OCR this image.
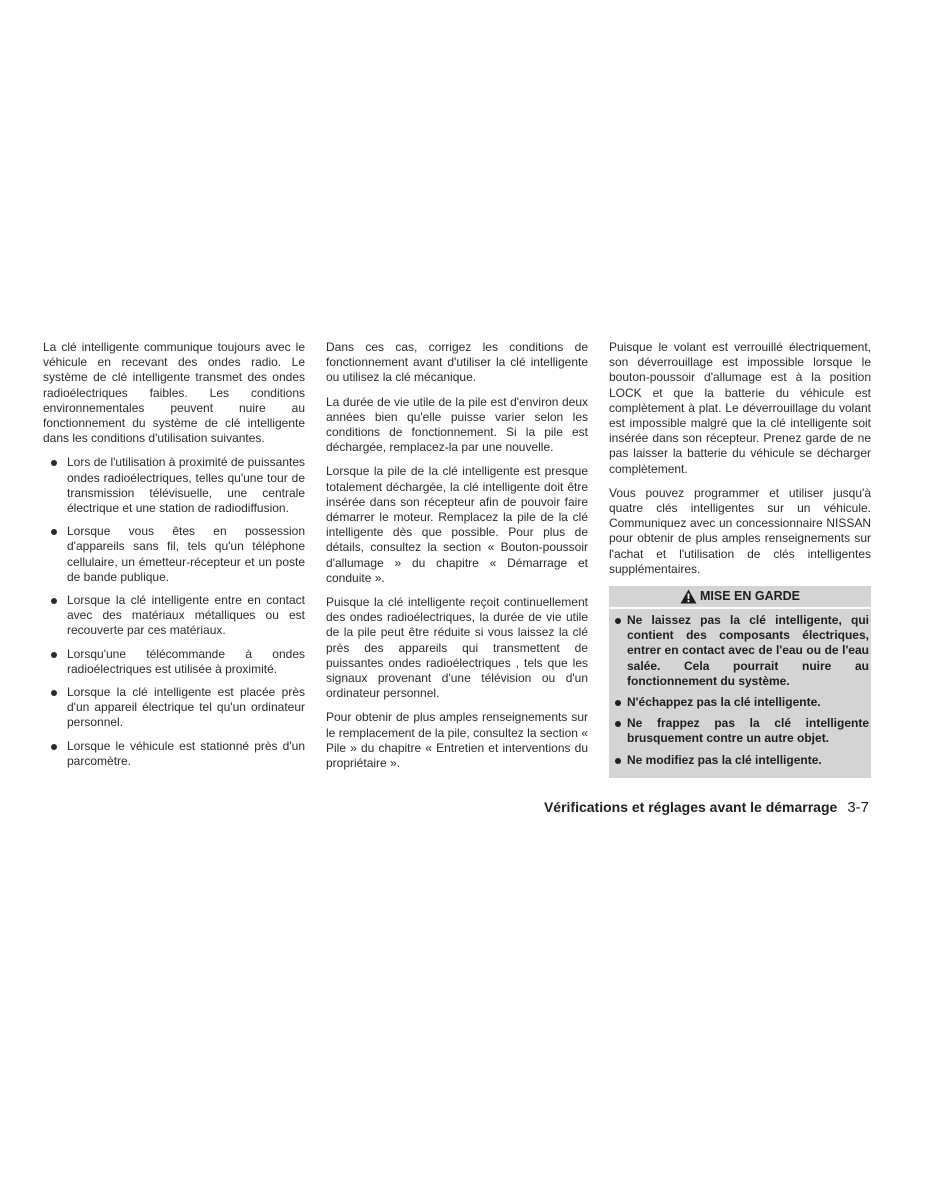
La clé intelligente communique toujours avec le véhicule en recevant des ondes radio. Le système de clé intelligente transmet des ondes radioélectriques faibles. Les conditions environnementales peuvent nuire au fonctionnement du système de clé intelligente dans les conditions d'utilisation suivantes.

Lors de l'utilisation à proximité de puissantes ondes radioélectriques, telles qu'une tour de transmission télévisuelle, une centrale électrique et une station de radiodiffusion.
Lorsque vous êtes en possession d'appareils sans fil, tels qu'un téléphone cellulaire, un émetteur-récepteur et un poste de bande publique.
Lorsque la clé intelligente entre en contact avec des matériaux métalliques ou est recouverte par ces matériaux.
Lorsqu'une télécommande à ondes radioélectriques est utilisée à proximité.
Lorsque la clé intelligente est placée près d'un appareil électrique tel qu'un ordinateur personnel.
Lorsque le véhicule est stationné près d'un parcomètre.

Dans ces cas, corrigez les conditions de fonctionnement avant d'utiliser la clé intelligente ou utilisez la clé mécanique.

La durée de vie utile de la pile est d'environ deux années bien qu'elle puisse varier selon les conditions de fonctionnement. Si la pile est déchargée, remplacez-la par une nouvelle.

Lorsque la pile de la clé intelligente est presque totalement déchargée, la clé intelligente doit être insérée dans son récepteur afin de pouvoir faire démarrer le moteur. Remplacez la pile de la clé intelligente dès que possible. Pour plus de détails, consultez la section « Bouton-poussoir d'allumage » du chapitre « Démarrage et conduite ».

Puisque la clé intelligente reçoit continuellement des ondes radioélectriques, la durée de vie utile de la pile peut être réduite si vous laissez la clé près des appareils qui transmettent de puissantes ondes radioélectriques , tels que les signaux provenant d'une télévision ou d'un ordinateur personnel.

Pour obtenir de plus amples renseignements sur le remplacement de la pile, consultez la section « Pile » du chapitre « Entretien et interventions du propriétaire ».

Puisque le volant est verrouillé électriquement, son déverrouillage est impossible lorsque le bouton-poussoir d'allumage est à la position LOCK et que la batterie du véhicule est complètement à plat. Le déverrouillage du volant est impossible malgré que la clé intelligente soit insérée dans son récepteur. Prenez garde de ne pas laisser la batterie du véhicule se décharger complètement.

Vous pouvez programmer et utiliser jusqu'à quatre clés intelligentes sur un véhicule. Communiquez avec un concessionnaire NISSAN pour obtenir de plus amples renseignements sur l'achat et l'utilisation de clés intelligentes supplémentaires.

MISE EN GARDE
Ne laissez pas la clé intelligente, qui contient des composants électriques, entrer en contact avec de l'eau ou de l'eau salée. Cela pourrait nuire au fonctionnement du système.
N'échappez pas la clé intelligente.
Ne frappez pas la clé intelligente brusquement contre un autre objet.
Ne modifiez pas la clé intelligente.
Vérifications et réglages avant le démarrage 3-7
